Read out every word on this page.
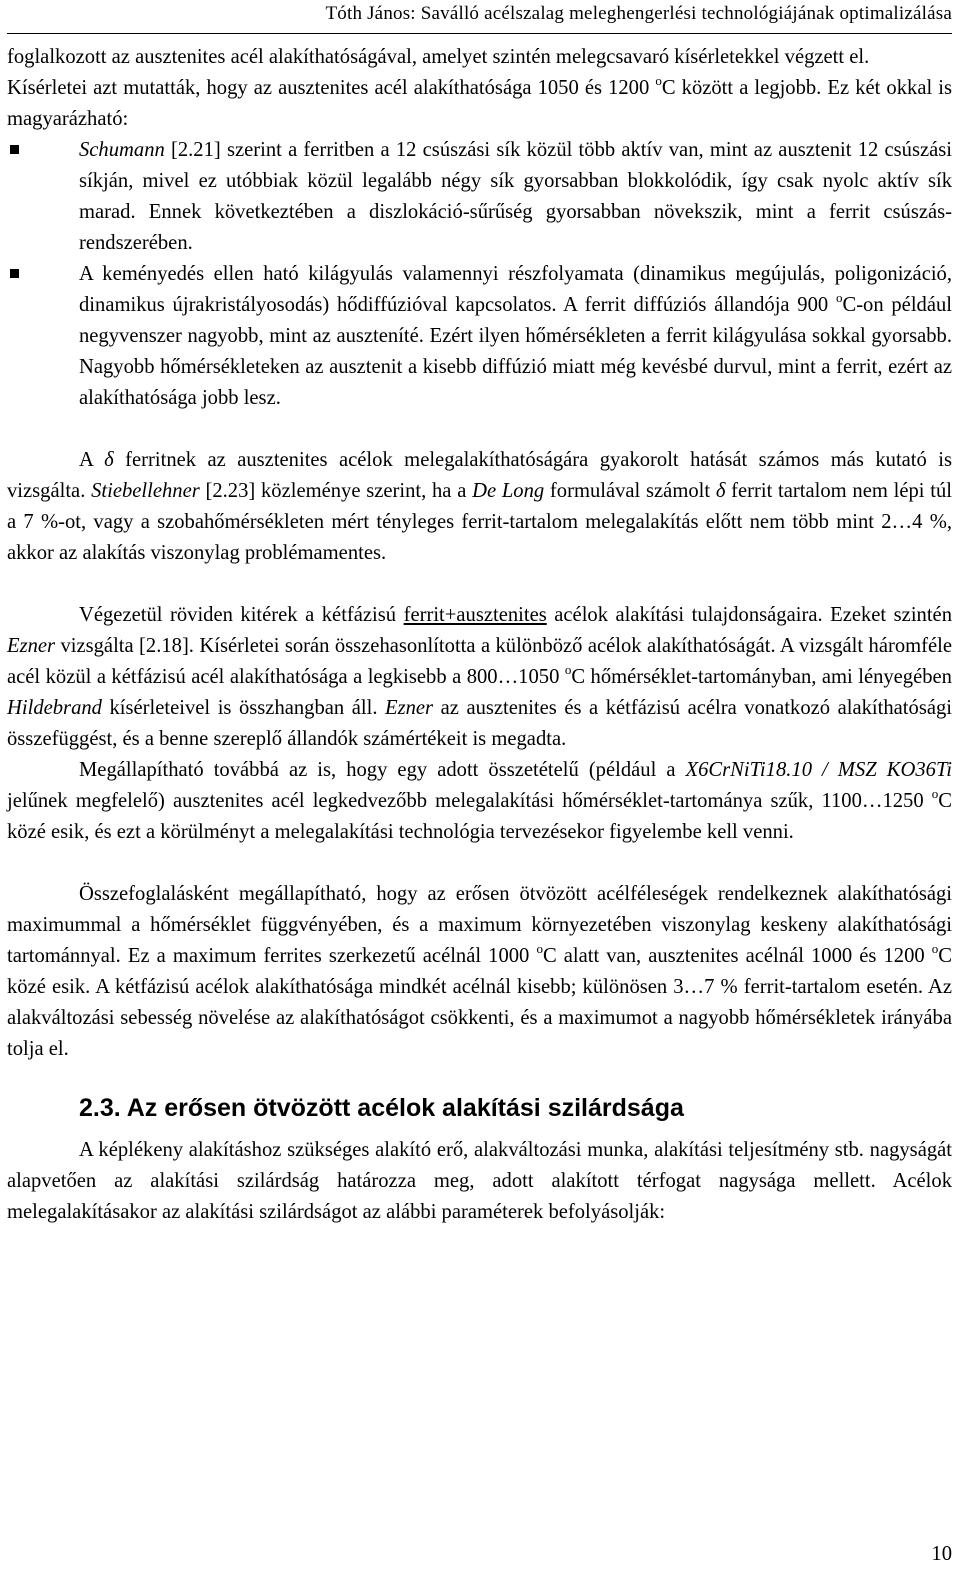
Tóth János: Saválló acélszalag meleghengerlési technológiájának optimalizálása

foglalkozott az ausztenites acél alakíthatóságával, amelyet szintén melegcsavaró kísérletekkel végzett el.

Kísérletei azt mutatták, hogy az ausztenites acél alakíthatósága 1050 és 1200 $^o$C között a legjobb. Ez két okkal is magyarázható:

Schumann [2.21] szerint a ferritben a 12 csúszási sík közül több aktív van, mint az ausztenit 12 csúszási síkján, mivel ez utóbbiak közül legalább négy sík gyorsabban blokkolódik, így csak nyolc aktív sík marad. Ennek következtében a diszlokáció-sűrűség gyorsabban növekszik, mint a ferrit csúszás-rendszerében.
A keményedés ellen ható kilágyulás valamennyi részfolyamata (dinamikus megújulás, poligonizáció, dinamikus újrakristályosodás) hődiffúzióval kapcsolatos. A ferrit diffúziós állandója 900 $^o$C-on például negyvenszer nagyobb, mint az auszteníté. Ezért ilyen hőmérsékleten a ferrit kilágyulása sokkal gyorsabb. Nagyobb hőmérsékleteken az ausztenit a kisebb diffúzió miatt még kevésbé durvul, mint a ferrit, ezért az alakíthatósága jobb lesz.

A δ ferritnek az ausztenites acélok melegalakíthatóságára gyakorolt hatását számos más kutató is vizsgálta. Stiebellehner [2.23] közleménye szerint, ha a De Long formulával számolt δ ferrit tartalom nem lépi túl a 7 %-ot, vagy a szobahőmérsékleten mért tényleges ferrit-tartalom melegalakítás előtt nem több mint 2…4 %, akkor az alakítás viszonylag problémamentes.

Végezetül röviden kitérek a kétfázisú ferrit+ausztenites acélok alakítási tulajdonságaira. Ezeket szintén Ezner vizsgálta [2.18]. Kísérletei során összehasonlította a különböző acélok alakíthatóságát. A vizsgált háromféle acél közül a kétfázisú acél alakíthatósága a legkisebb a 800…1050 $^o$C hőmérséklet-tartományban, ami lényegében Hildebrand kísérleteivel is összhangban áll. Ezner az ausztenites és a kétfázisú acélra vonatkozó alakíthatósági összefüggést, és a benne szereplő állandók számértékeit is megadta.

Megállapítható továbbá az is, hogy egy adott összetételű (például a X6CrNiTi18.10 / MSZ KO36Ti jelűnek megfelelő) ausztenites acél legkedvezőbb melegalakítási hőmérséklet-tartománya szűk, 1100…1250 $^o$C közé esik, és ezt a körülményt a melegalakítási technológia tervezésekor figyelembe kell venni.

Összefoglalásként megállapítható, hogy az erősen ötvözött acélféleségek rendelkeznek alakíthatósági maximummal a hőmérséklet függvényében, és a maximum környezetében viszonylag keskeny alakíthatósági tartománnyal. Ez a maximum ferrites szerkezetű acélnál 1000 $^o$C alatt van, ausztenites acélnál 1000 és 1200 $^o$C közé esik. A kétfázisú acélok alakíthatósága mindkét acélnál kisebb; különösen 3…7 % ferrit-tartalom esetén. Az alakváltozási sebesség növelése az alakíthatóságot csökkenti, és a maximumot a nagyobb hőmérsékletek irányába tolja el.

2.3. Az erősen ötvözött acélok alakítási szilárdsága

A képlékeny alakításhoz szükséges alakító erő, alakváltozási munka, alakítási teljesítmény stb. nagyságát alapvetően az alakítási szilárdság határozza meg, adott alakított térfogat nagysága mellett. Acélok melegalakításakor az alakítási szilárdságot az alábbi paraméterek befolyásolják:

10
